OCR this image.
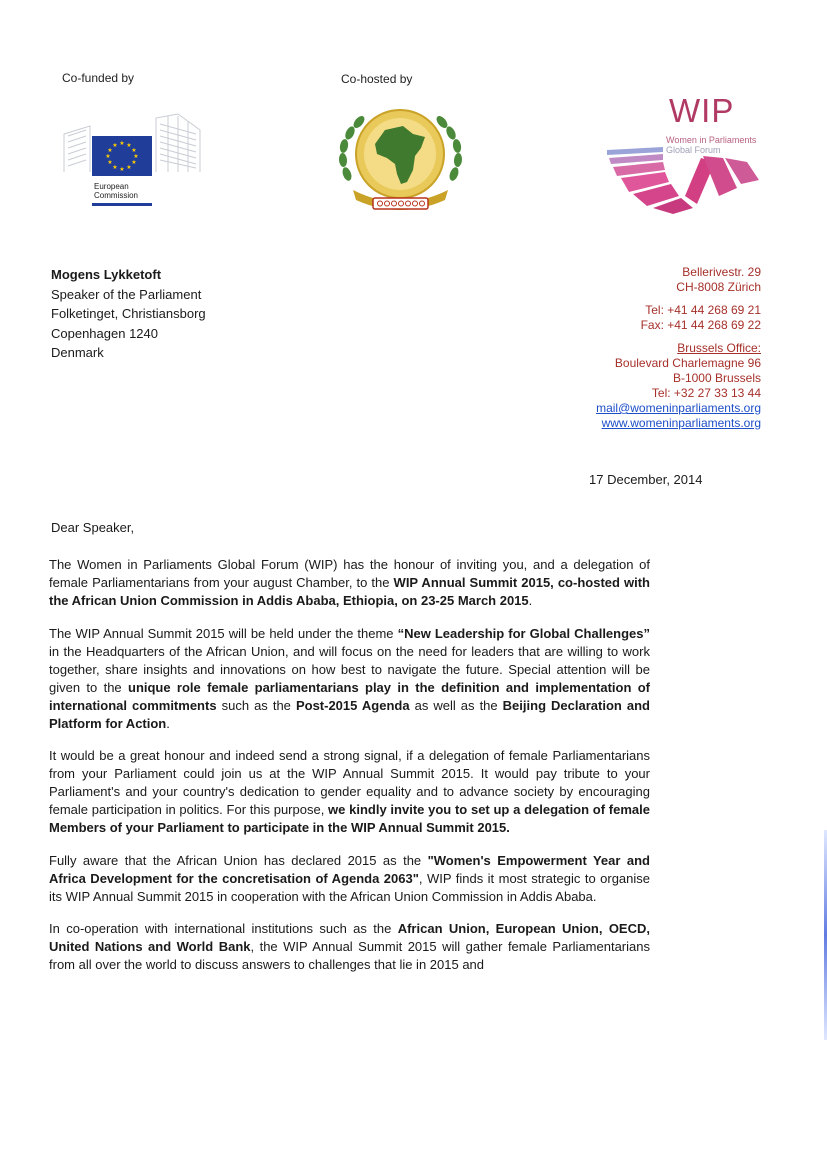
Co-funded by	Co-hosted by
★ ★
★
★
★
★
★
★
★
★
★
★
European
Commission
WIP
Women in Parliaments
Global Forum
Mogens Lykketoft
Speaker of the Parliament
Folketinget, Christiansborg
Copenhagen 1240
Denmark
Bellerivestr. 29
CH-8008 Zürich
Tel: +41 44 268 69 21
Fax: +41 44 268 69 22
Brussels Office:
Boulevard Charlemagne 96
B-1000 Brussels
Tel: +32 27 33 13 44
mail@womeninparliaments.org
www.womeninparliaments.org
17 December, 2014
Dear Speaker,

The Women in Parliaments Global Forum (WIP) has the honour of inviting you, and a delegation of female Parliamentarians from your august Chamber, to the WIP Annual Summit 2015, co-hosted with the African Union Commission in Addis Ababa, Ethiopia, on 23-25 March 2015.

The WIP Annual Summit 2015 will be held under the theme “New Leadership for Global Challenges” in the Headquarters of the African Union, and will focus on the need for leaders that are willing to work together, share insights and innovations on how best to navigate the future. Special attention will be given to the unique role female parliamentarians play in the definition and implementation of international commitments such as the Post-2015 Agenda as well as the Beijing Declaration and Platform for Action.

It would be a great honour and indeed send a strong signal, if a delegation of female Parliamentarians from your Parliament could join us at the WIP Annual Summit 2015. It would pay tribute to your Parliament's and your country's dedication to gender equality and to advance society by encouraging female participation in politics. For this purpose, we kindly invite you to set up a delegation of female Members of your Parliament to participate in the WIP Annual Summit 2015.

Fully aware that the African Union has declared 2015 as the "Women's Empowerment Year and Africa Development for the concretisation of Agenda 2063", WIP finds it most strategic to organise its WIP Annual Summit 2015 in cooperation with the African Union Commission in Addis Ababa.

In co-operation with international institutions such as the African Union, European Union, OECD, United Nations and World Bank, the WIP Annual Summit 2015 will gather female Parliamentarians from all over the world to discuss answers to challenges that lie in 2015 and
